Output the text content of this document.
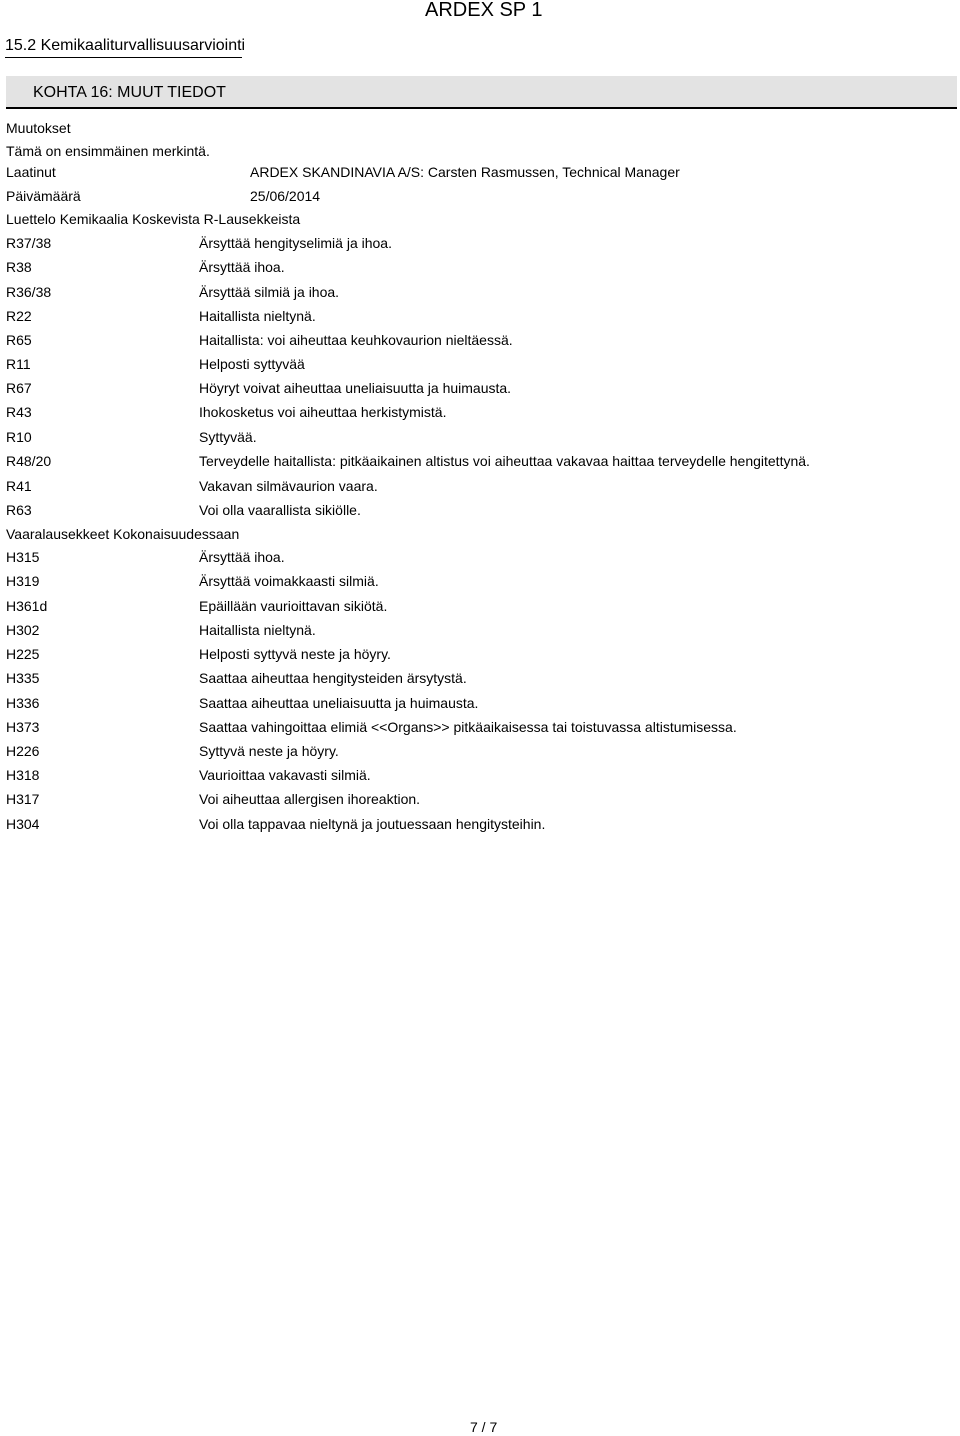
ARDEX SP 1
15.2 Kemikaaliturvallisuusarviointi
KOHTA 16: MUUT TIEDOT
Muutokset
Tämä on ensimmäinen merkintä.
Laatinut	ARDEX SKANDINAVIA A/S: Carsten Rasmussen, Technical Manager
Päivämäärä	25/06/2014
Luettelo Kemikaalia Koskevista R-Lausekkeista
R37/38	Ärsyttää hengityselimiä ja ihoa.
R38	Ärsyttää ihoa.
R36/38	Ärsyttää silmiä ja ihoa.
R22	Haitallista nieltynä.
R65	Haitallista: voi aiheuttaa keuhkovaurion nieltäessä.
R11	Helposti syttyvää
R67	Höyryt voivat aiheuttaa uneliaisuutta ja huimausta.
R43	Ihokosketus voi aiheuttaa herkistymistä.
R10	Syttyvää.
R48/20	Terveydelle haitallista: pitkäaikainen altistus voi aiheuttaa vakavaa haittaa terveydelle hengitettynä.
R41	Vakavan silmävaurion vaara.
R63	Voi olla vaarallista sikiölle.
Vaaralausekkeet Kokonaisuudessaan
H315	Ärsyttää ihoa.
H319	Ärsyttää voimakkaasti silmiä.
H361d	Epäillään vaurioittavan sikiötä.
H302	Haitallista nieltynä.
H225	Helposti syttyvä neste ja höyry.
H335	Saattaa aiheuttaa hengitysteiden ärsytystä.
H336	Saattaa aiheuttaa uneliaisuutta ja huimausta.
H373	Saattaa vahingoittaa elimiä <<Organs>> pitkäaikaisessa tai toistuvassa altistumisessa.
H226	Syttyvä neste ja höyry.
H318	Vaurioittaa vakavasti silmiä.
H317	Voi aiheuttaa allergisen ihoreaktion.
H304	Voi olla tappavaa nieltynä ja joutuessaan hengitysteihin.
7 / 7
